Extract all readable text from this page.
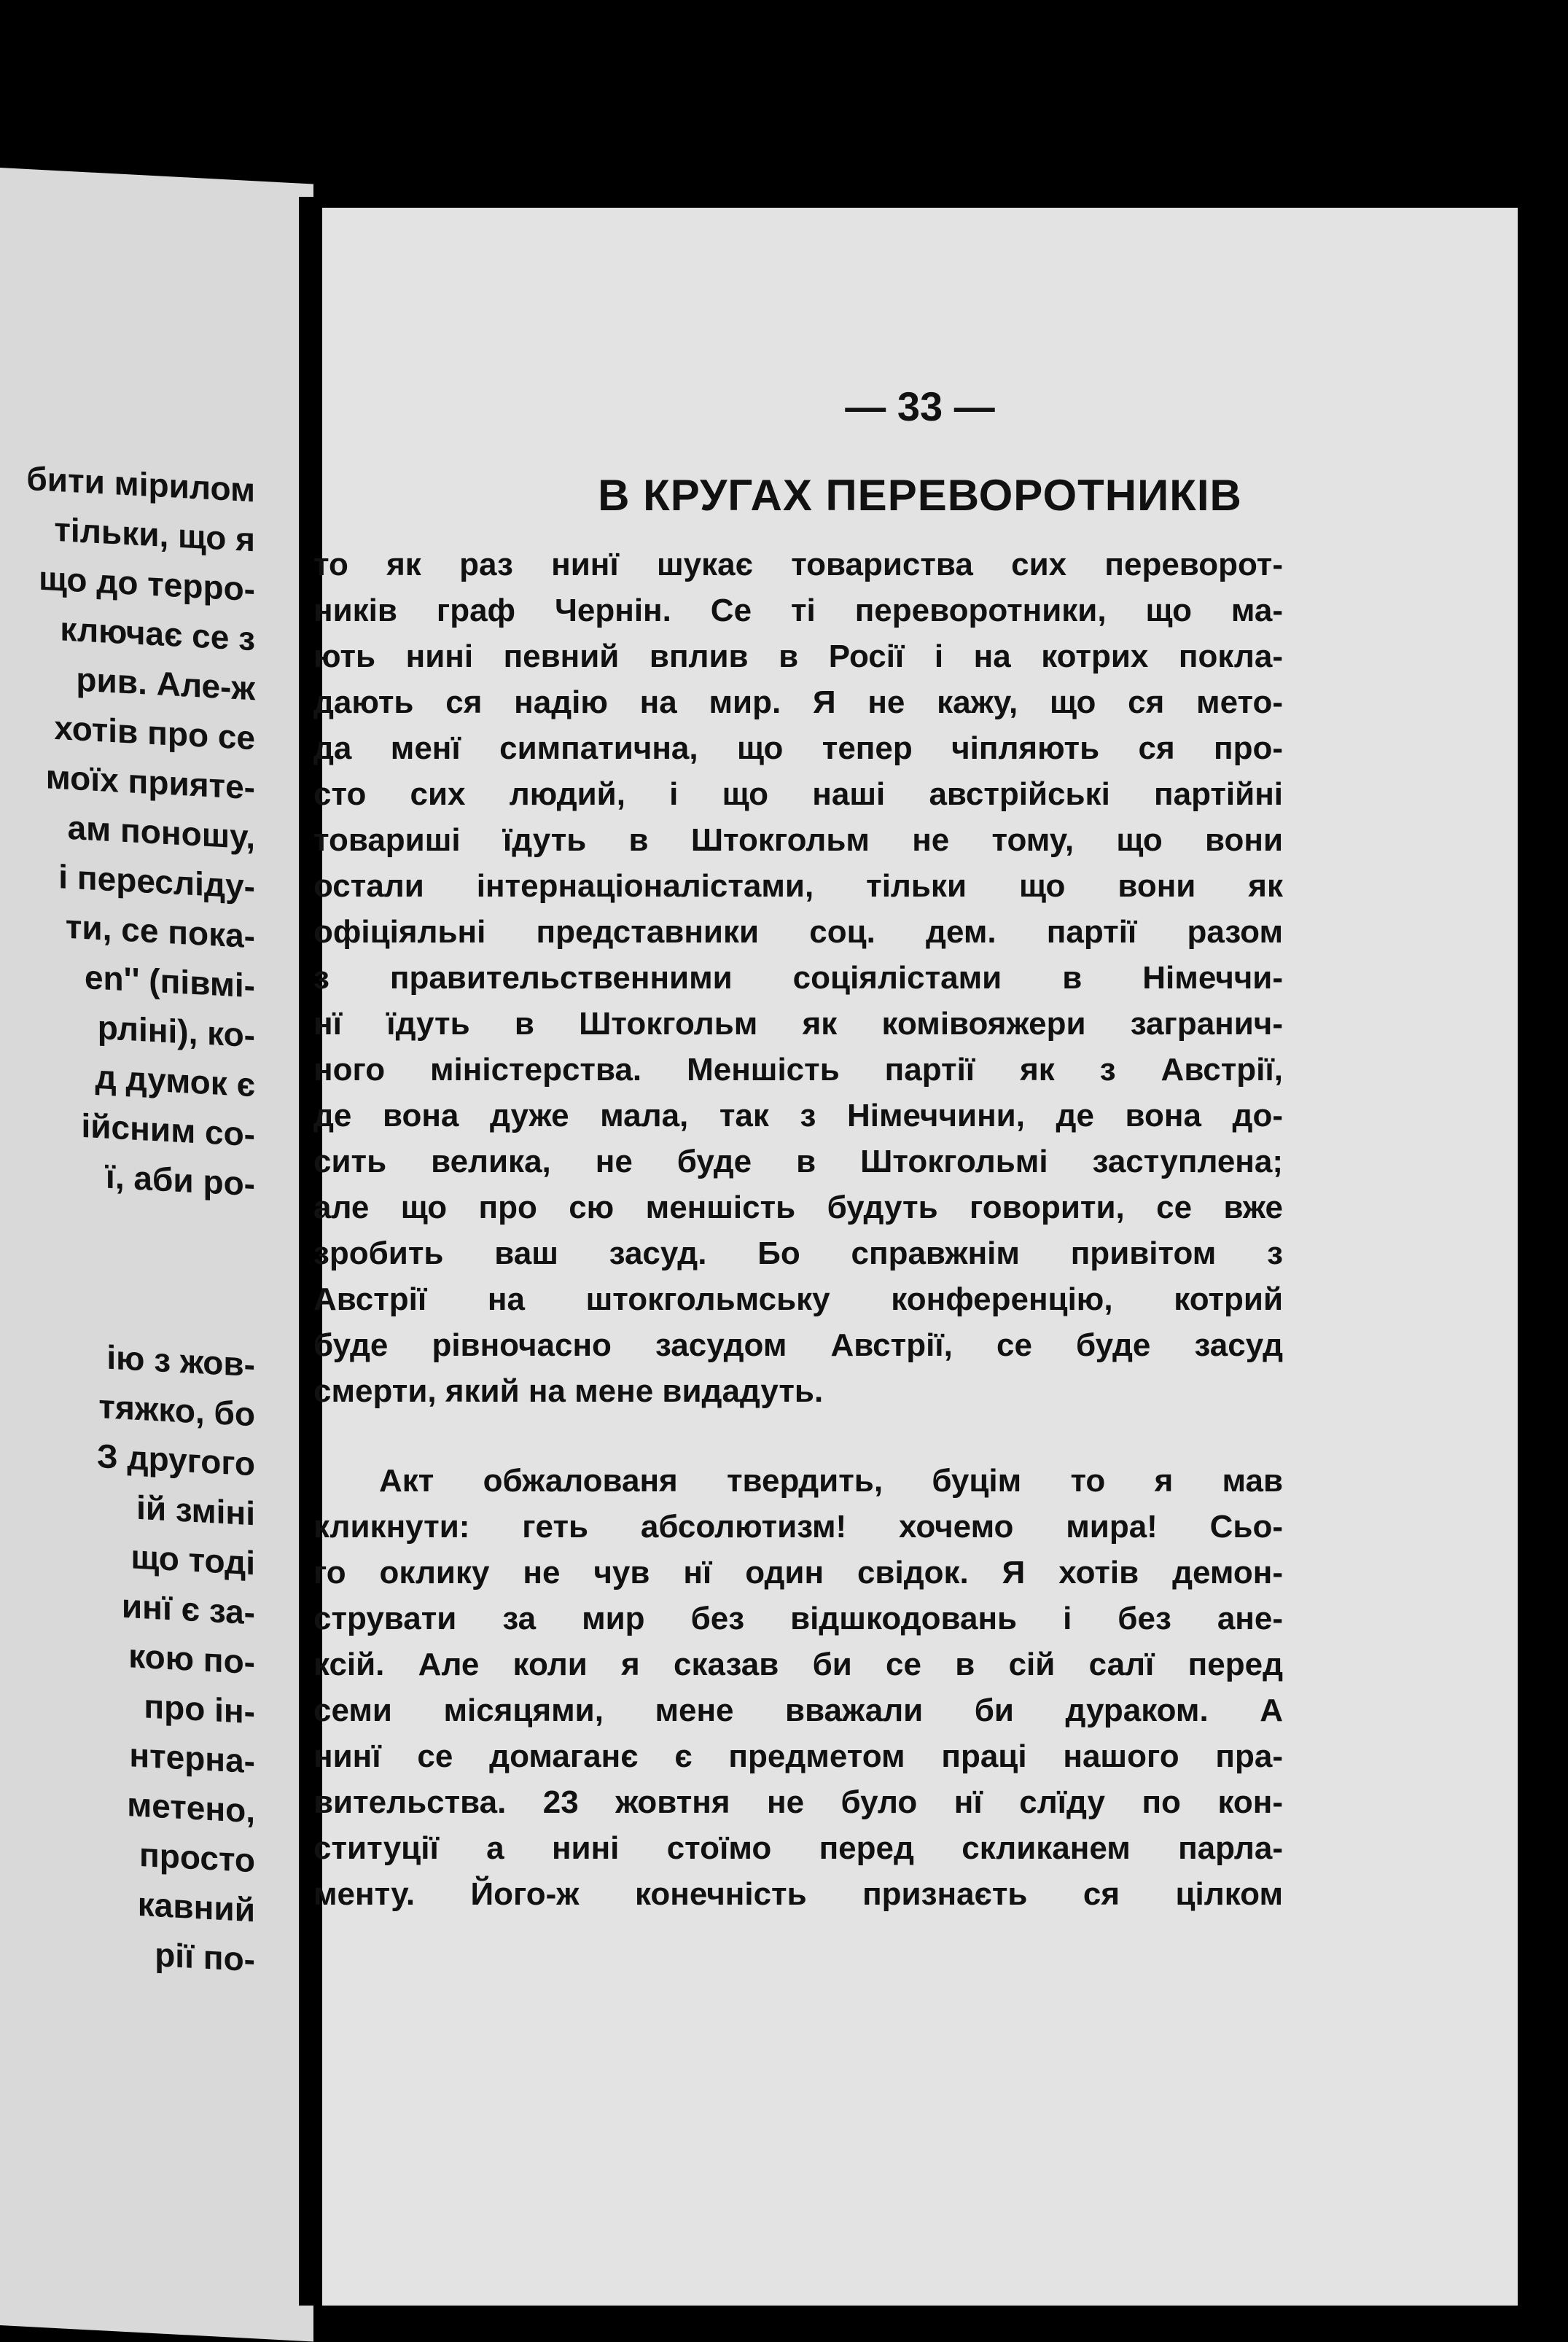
бити мірилом
тільки, що я
що до терро-
ключає се з
рив. Але-ж
хотів про се
моїх прияте-
ам поношу,
і переслідy-
ти, се пока-
en'' (півмі-
рліні), ко-
д думок є
ійсним со-
ї, аби ро-
ію з жов-
тяжко, бо
З другого
ій зміні
що тоді
инї є за-
кою по-
про ін-
нтерна-
метено,
просто
кавний
рії по-
— 33 —
В КРУГАХ ПЕРЕВОРОТНИКІВ
то як раз нинї шукає товариства сих переворот-
ників граф Чернін. Се ті переворотники, що ма-
ють нині певний вплив в Росії і на котрих покла-
дають ся надію на мир. Я не кажу, що ся мето-
да менї симпатична, що тепер чіпляють ся про-
сто сих людий, і що наші австрійські партійні
товариші їдуть в Штокгольм не тому, що вони
остали інтернаціоналістами, тільки що вони як
офіціяльні представники соц. дем. партії разом
з правительственними соціялістами в Німеччи-
нї їдуть в Штокгольм як комівояжери загранич-
ного міністерства. Меншість партії як з Австрії,
де вона дуже мала, так з Німеччини, де вона до-
сить велика, не буде в Штокгольмі заступлена;
але що про сю меншість будуть говорити, се вже
зробить ваш засуд. Бо справжнім привітом з
Австрії на штокгольмську конференцію, котрий
буде рівночасно засудом Австрії, се буде засуд
смерти, який на мене видадуть.
Акт обжалованя твердить, буцім то я мав
кликнути: геть абсолютизм! хочемо мира! Сьо-
го оклику не чув нї один свідок. Я хотів демон-
струвати за мир без відшкодовань і без ане-
ксій. Але коли я сказав би се в сій салї перед
семи місяцями, мене вважали би дураком. А
нинї се домаганє є предметом праці нашого пра-
вительства. 23 жовтня не було нї слїду по кон-
ституції а нині стоїмо перед скликанем парла-
менту. Його-ж конечність признаєть ся цілком
